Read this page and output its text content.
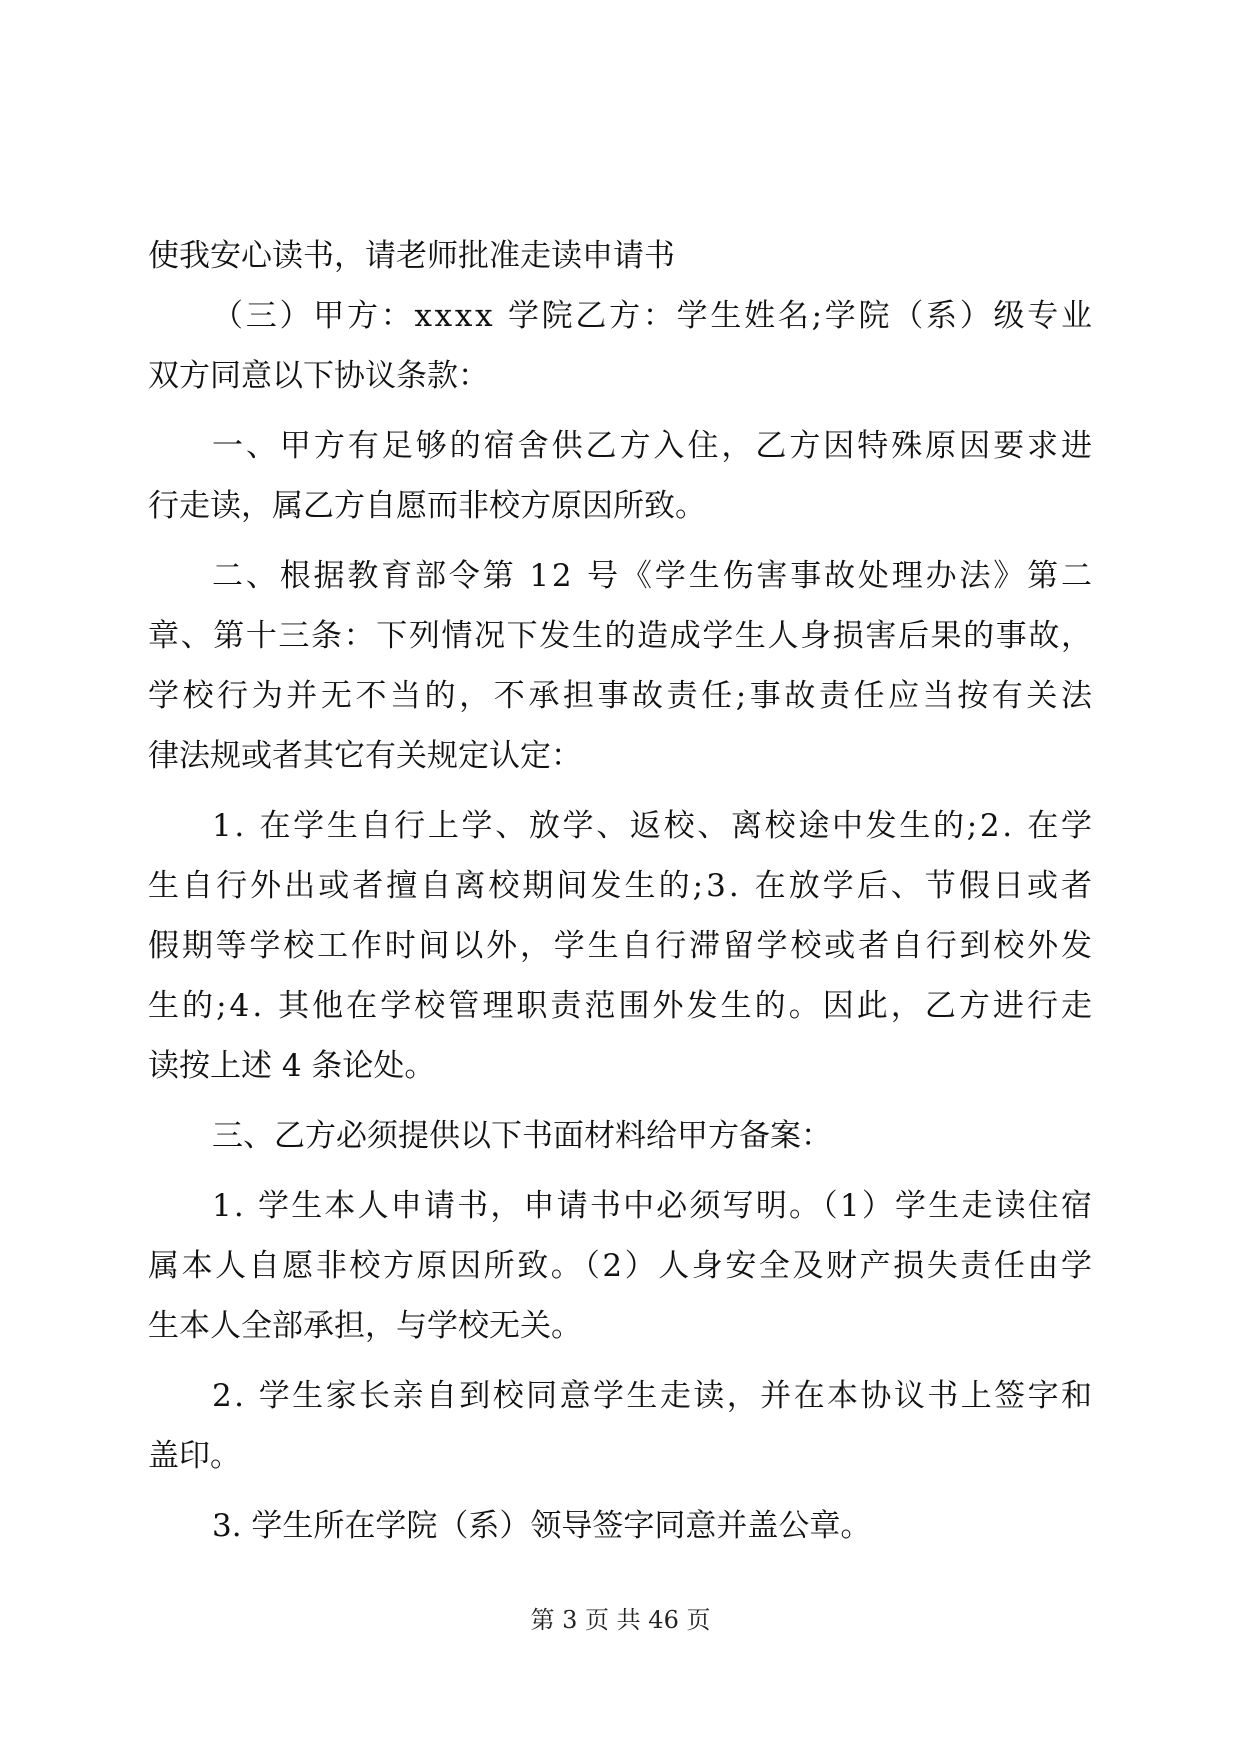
使我安心读书，请老师批准走读申请书
（三）甲方：xxxx 学院乙方：学生姓名;学院（系）级专业
双方同意以下协议条款：
一、甲方有足够的宿舍供乙方入住，乙方因特殊原因要求进
行走读，属乙方自愿而非校方原因所致。
二、根据教育部令第 12 号《学生伤害事故处理办法》第二
章、第十三条：下列情况下发生的造成学生人身损害后果的事故，
学校行为并无不当的，不承担事故责任;事故责任应当按有关法
律法规或者其它有关规定认定：
1. 在学生自行上学、放学、返校、离校途中发生的;2. 在学
生自行外出或者擅自离校期间发生的;3. 在放学后、节假日或者
假期等学校工作时间以外，学生自行滞留学校或者自行到校外发
生的;4. 其他在学校管理职责范围外发生的。因此，乙方进行走
读按上述 4 条论处。
三、乙方必须提供以下书面材料给甲方备案：
1. 学生本人申请书，申请书中必须写明。（1）学生走读住宿
属本人自愿非校方原因所致。（2）人身安全及财产损失责任由学
生本人全部承担，与学校无关。
2. 学生家长亲自到校同意学生走读，并在本协议书上签字和
盖印。
3. 学生所在学院（系）领导签字同意并盖公章。
第 3 页 共 46 页
